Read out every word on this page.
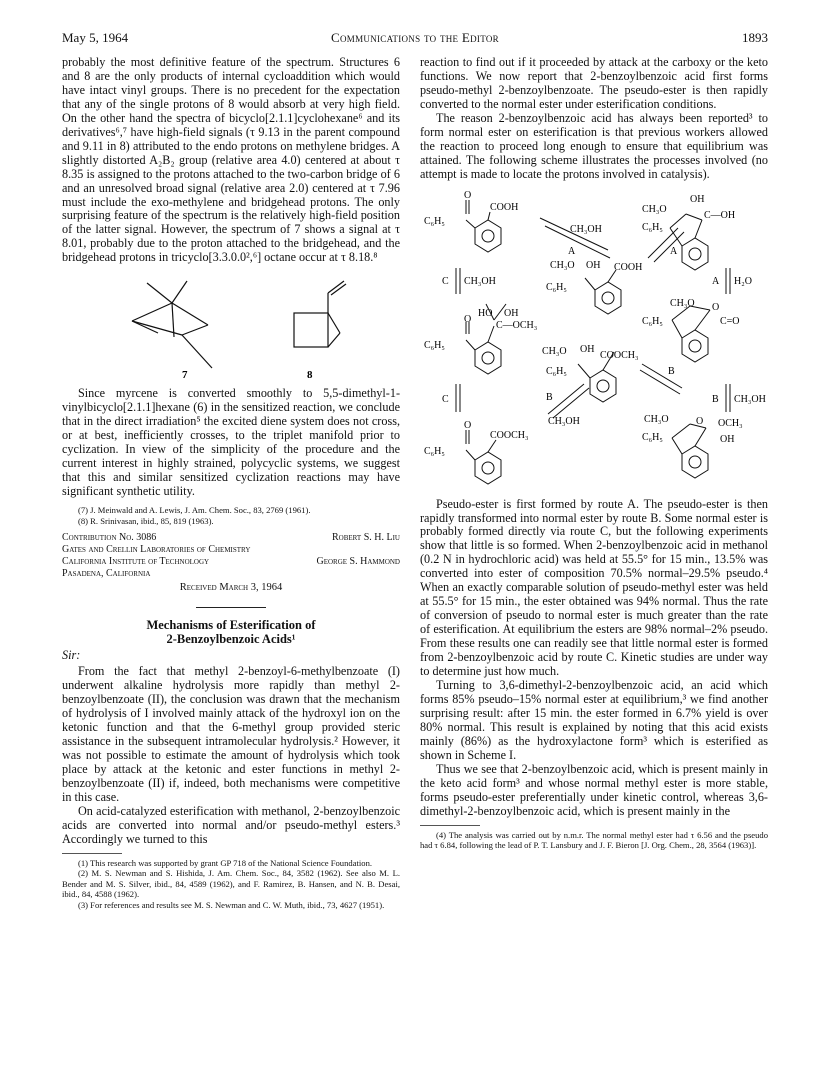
May 5, 1964	Communications to the Editor	1893

probably the most definitive feature of the spectrum. Structures 6 and 8 are the only products of internal cycloaddition which would have intact vinyl groups. There is no precedent for the expectation that any of the single protons of 8 would absorb at very high field. On the other hand the spectra of bicyclo[2.1.1]cyclohexane⁶ and its derivatives⁶,⁷ have high-field signals (τ 9.13 in the parent compound and 9.11 in 8) attributed to the endo protons on methylene bridges. A slightly distorted A₂B₂ group (relative area 4.0) centered at about τ 8.35 is assigned to the protons attached to the two-carbon bridge of 6 and an unresolved broad signal (relative area 2.0) centered at τ 7.96 must include the exo-methylene and bridgehead protons. The only surprising feature of the spectrum is the relatively high-field position of the latter signal. However, the spectrum of 7 shows a signal at τ 8.01, probably due to the proton attached to the bridgehead, and the bridgehead protons in tricyclo[3.3.0.0²,⁶] octane occur at τ 8.18.⁸

7	8

Since myrcene is converted smoothly to 5,5-dimethyl-1-vinylbicyclo[2.1.1]hexane (6) in the sensitized reaction, we conclude that in the direct irradiation⁵ the excited diene system does not cross, or at best, inefficiently crosses, to the triplet manifold prior to cyclization. In view of the simplicity of the procedure and the current interest in highly strained, polycyclic systems, we suggest that this and similar sensitized cyclization reactions may have significant synthetic utility.

(7) J. Meinwald and A. Lewis, J. Am. Chem. Soc., 83, 2769 (1961).

(8) R. Srinivasan, ibid., 85, 819 (1963).

Contribution No. 3086	Robert S. H. Liu

Gates and Crellin Laboratories of Chemistry

California Institute of Technology	George S. Hammond

Pasadena, California

Received March 3, 1964

Mechanisms of Esterification of

2-Benzoylbenzoic Acids¹

Sir:

From the fact that methyl 2-benzoyl-6-methylbenzoate (I) underwent alkaline hydrolysis more rapidly than methyl 2-benzoylbenzoate (II), the conclusion was drawn that the mechanism of hydrolysis of I involved mainly attack of the hydroxyl ion on the ketonic function and that the 6-methyl group provided steric assistance in the subsequent intramolecular hydrolysis.² However, it was not possible to estimate the amount of hydrolysis which took place by attack at the ketonic and ester functions in methyl 2-benzoylbenzoate (II) if, indeed, both mechanisms were competitive in this case.

On acid-catalyzed esterification with methanol, 2-benzoylbenzoic acids are converted into normal and/or pseudo-methyl esters.³ Accordingly we turned to this

(1) This research was supported by grant GP 718 of the National Science Foundation.

(2) M. S. Newman and S. Hishida, J. Am. Chem. Soc., 84, 3582 (1962). See also M. L. Bender and M. S. Silver, ibid., 84, 4589 (1962), and F. Ramirez, B. Hansen, and N. B. Desai, ibid., 84, 4588 (1962).

(3) For references and results see M. S. Newman and C. W. Muth, ibid., 73, 4627 (1951).

reaction to find out if it proceeded by attack at the carboxy or the keto functions. We now report that 2-benzoylbenzoic acid first forms pseudo-methyl 2-benzoylbenzoate. The pseudo-ester is then rapidly converted to the normal ester under esterification conditions.

The reason 2-benzoylbenzoic acid has always been reported³ to form normal ester on esterification is that previous workers allowed the reaction to proceed long enough to ensure that equilibrium was attained. The following scheme illustrates the processes involved (no attempt is made to locate the protons involved in catalysis).

O
COOH
C₆H₅
OH
CH₃O
C—OH
C₆H₅
CH₃OH
A	A
CH₃O OH COOH
C₆H₅
C CH₃OH	A H₂O
HO OH
O
C—OCH₃
C₆H₅
CH₃O O
C=O
C₆H₅
CH₃O OH
COOCH₃
C₆H₅
C	B
CH₃OH
B
B CH₃OH
O
COOCH₃
C₆H₅
CH₃O	O OCH₃
C₆H₅	OH

Pseudo-ester is first formed by route A. The pseudo-ester is then rapidly transformed into normal ester by route B. Some normal ester is probably formed directly via route C, but the following experiments show that little is so formed. When 2-benzoylbenzoic acid in methanol (0.2 N in hydrochloric acid) was held at 55.5° for 15 min., 13.5% was converted into ester of composition 70.5% normal–29.5% pseudo.⁴ When an exactly comparable solution of pseudo-methyl ester was held at 55.5° for 15 min., the ester obtained was 94% normal. Thus the rate of conversion of pseudo to normal ester is much greater than the rate of esterification. At equilibrium the esters are 98% normal–2% pseudo. From these results one can readily see that little normal ester is formed from 2-benzoylbenzoic acid by route C. Kinetic studies are under way to determine just how much.

Turning to 3,6-dimethyl-2-benzoylbenzoic acid, an acid which forms 85% pseudo–15% normal ester at equilibrium,³ we find another surprising result: after 15 min. the ester formed in 6.7% yield is over 80% normal. This result is explained by noting that this acid exists mainly (86%) as the hydroxylactone form³ which is esterified as shown in Scheme I.

Thus we see that 2-benzoylbenzoic acid, which is present mainly in the keto acid form³ and whose normal methyl ester is more stable, forms pseudo-ester preferentially under kinetic control, whereas 3,6-dimethyl-2-benzoylbenzoic acid, which is present mainly in the

(4) The analysis was carried out by n.m.r. The normal methyl ester had τ 6.56 and the pseudo had τ 6.84, following the lead of P. T. Lansbury and J. F. Bieron [J. Org. Chem., 28, 3564 (1963)].
